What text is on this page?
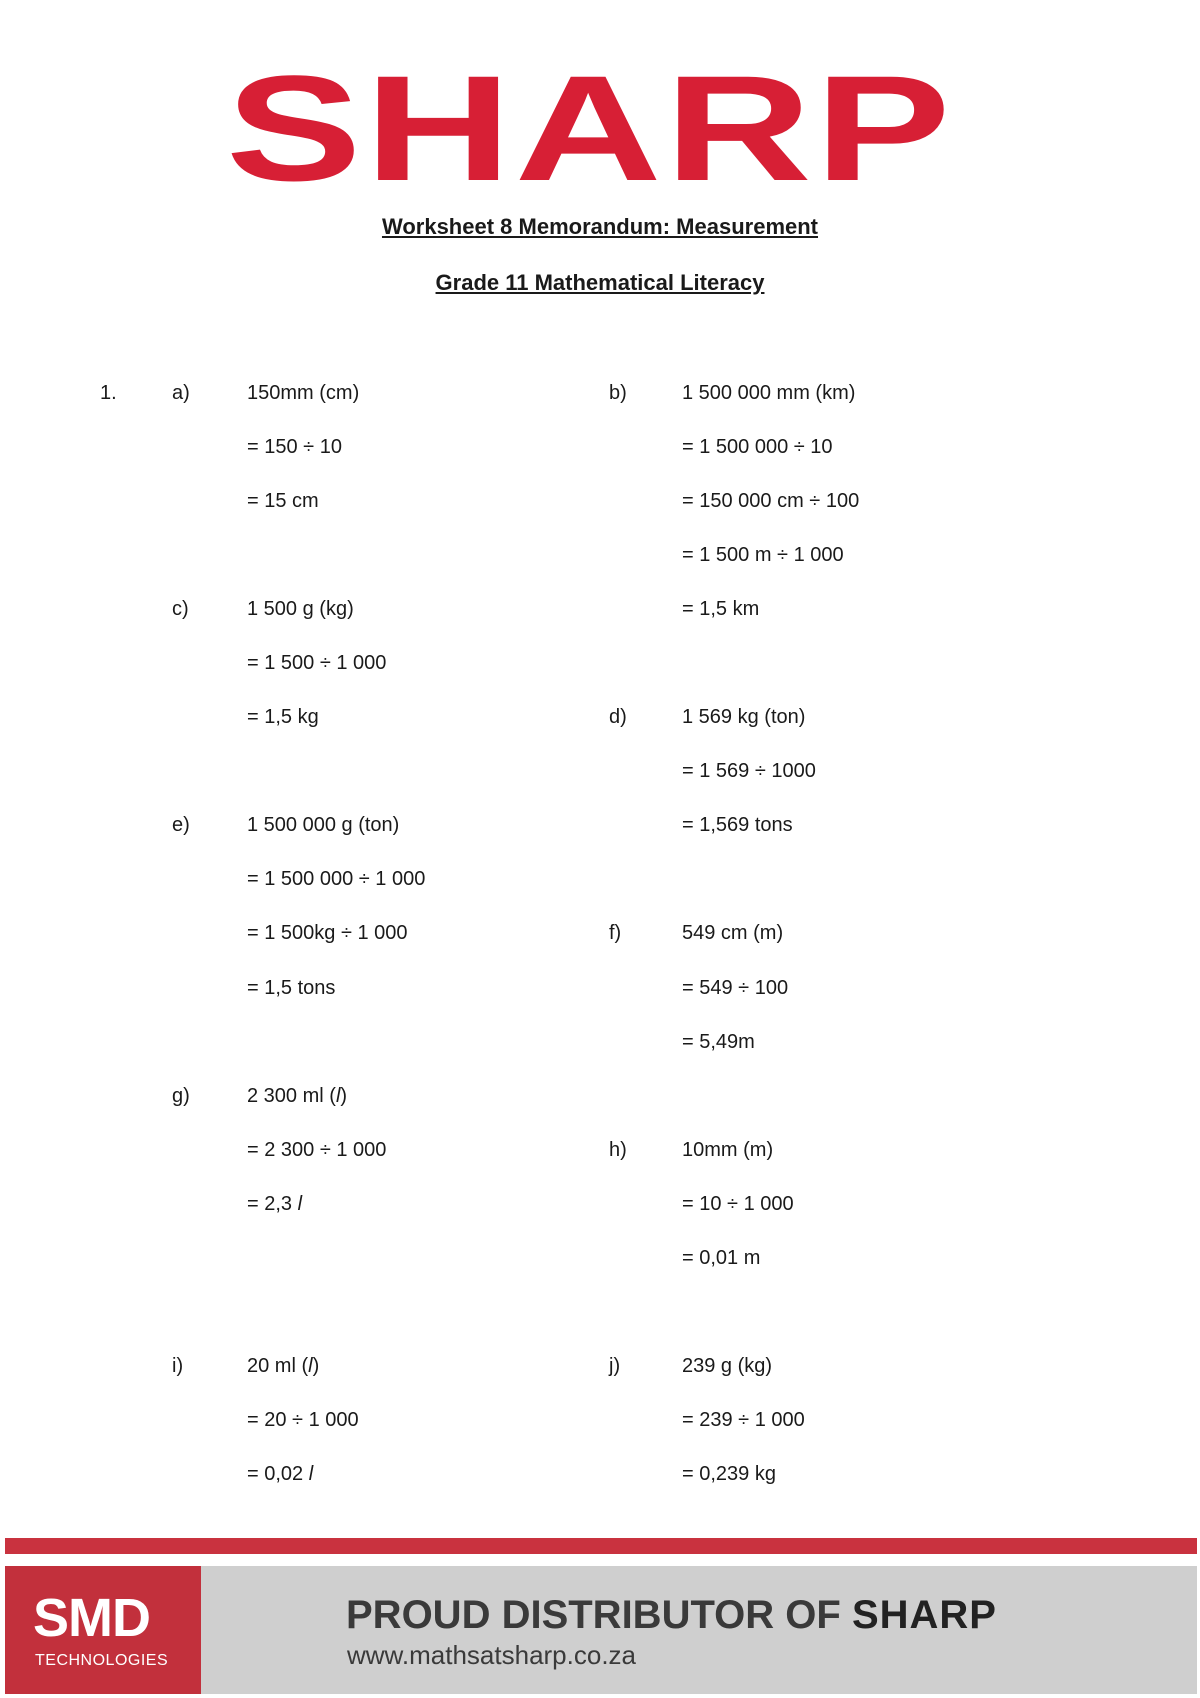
SHARP
Worksheet 8 Memorandum: Measurement
Grade 11 Mathematical Literacy
1.	a)	150mm (cm)
= 150 ÷ 10
= 15 cm
b)	1 500 000 mm (km)
= 1 500 000 ÷ 10
= 150 000 cm ÷ 100
= 1 500 m ÷ 1 000
= 1,5 km
c)	1 500 g (kg)
= 1 500 ÷ 1 000
= 1,5 kg	d)	1 569 kg (ton)
= 1 569 ÷ 1000
= 1,569 tons
e)	1 500 000 g (ton)
= 1 500 000 ÷ 1 000
= 1 500kg ÷ 1 000
= 1,5 tons
f)	549 cm (m)
= 549 ÷ 100
= 5,49m
g)	2 300 ml (l)
= 2 300 ÷ 1 000
= 2,3 l
h)	10mm (m)
= 10 ÷ 1 000
= 0,01 m
i)	20 ml (l)
= 20 ÷ 1 000
= 0,02 l
j)	239 g (kg)
= 239 ÷ 1 000
= 0,239 kg
SMD
TECHNOLOGIES
PROUD DISTRIBUTOR OF SHARP
www.mathsatsharp.co.za
